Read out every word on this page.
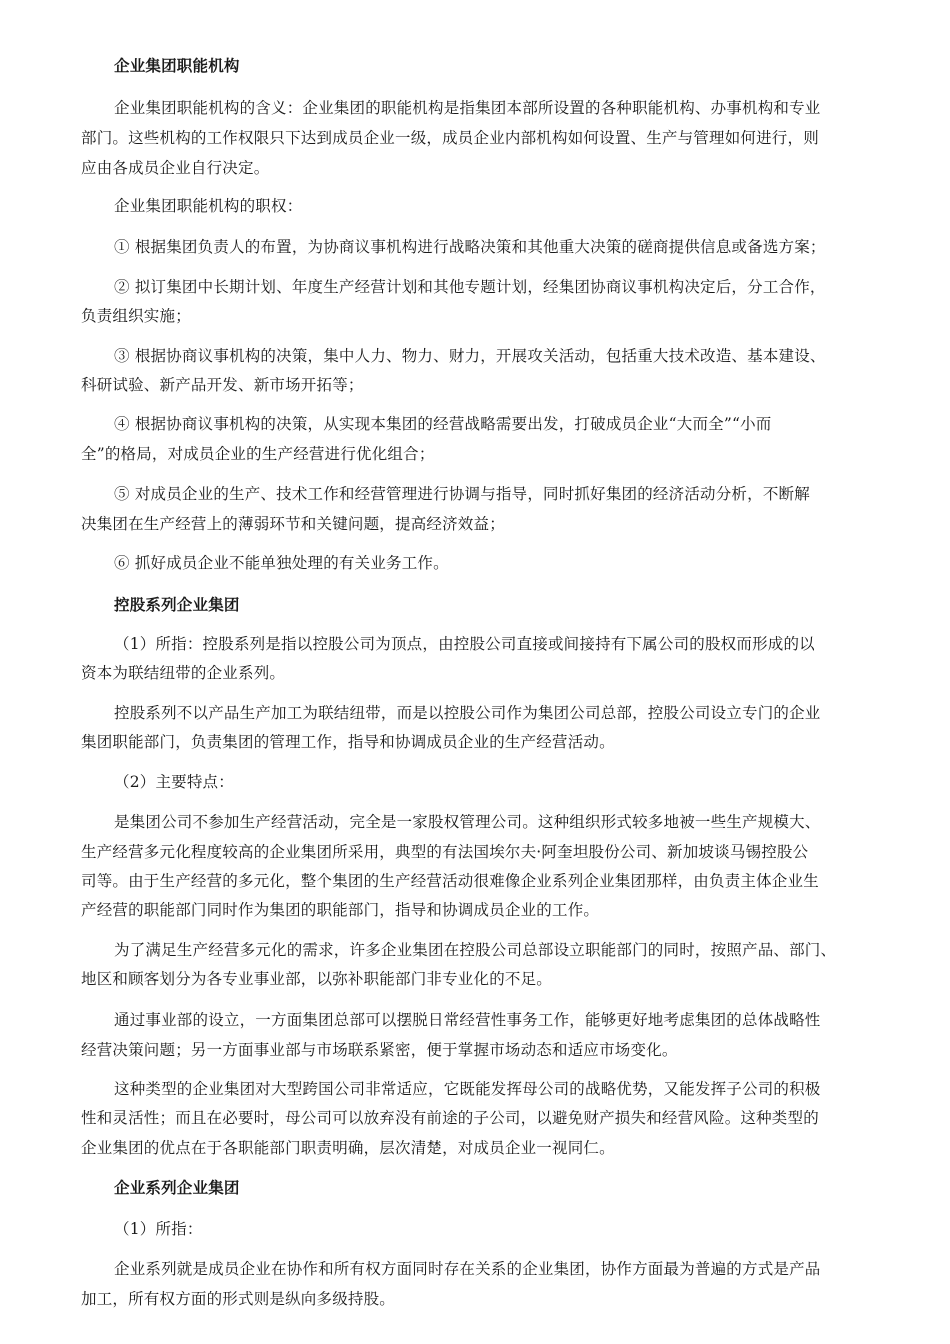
企业集团职能机构
企业集团职能机构的含义：企业集团的职能机构是指集团本部所设置的各种职能机构、办事机构和专业
部门。这些机构的工作权限只下达到成员企业一级，成员企业内部机构如何设置、生产与管理如何进行，则
应由各成员企业自行决定。
企业集团职能机构的职权：
① 根据集团负责人的布置，为协商议事机构进行战略决策和其他重大决策的磋商提供信息或备选方案；
② 拟订集团中长期计划、年度生产经营计划和其他专题计划，经集团协商议事机构决定后，分工合作，
负责组织实施；
③ 根据协商议事机构的决策，集中人力、物力、财力，开展攻关活动，包括重大技术改造、基本建设、
科研试验、新产品开发、新市场开拓等；
④ 根据协商议事机构的决策，从实现本集团的经营战略需要出发，打破成员企业“大而全”“小而
全”的格局，对成员企业的生产经营进行优化组合；
⑤ 对成员企业的生产、技术工作和经营管理进行协调与指导，同时抓好集团的经济活动分析，不断解
决集团在生产经营上的薄弱环节和关键问题，提高经济效益；
⑥ 抓好成员企业不能单独处理的有关业务工作。
控股系列企业集团
（1）所指：控股系列是指以控股公司为顶点，由控股公司直接或间接持有下属公司的股权而形成的以
资本为联结纽带的企业系列。
控股系列不以产品生产加工为联结纽带，而是以控股公司作为集团公司总部，控股公司设立专门的企业
集团职能部门，负责集团的管理工作，指导和协调成员企业的生产经营活动。
（2）主要特点：
是集团公司不参加生产经营活动，完全是一家股权管理公司。这种组织形式较多地被一些生产规模大、
生产经营多元化程度较高的企业集团所采用，典型的有法国埃尔夫·阿奎坦股份公司、新加坡谈马锡控股公
司等。由于生产经营的多元化，整个集团的生产经营活动很难像企业系列企业集团那样，由负责主体企业生
产经营的职能部门同时作为集团的职能部门，指导和协调成员企业的工作。
为了满足生产经营多元化的需求，许多企业集团在控股公司总部设立职能部门的同时，按照产品、部门、
地区和顾客划分为各专业事业部，以弥补职能部门非专业化的不足。
通过事业部的设立，一方面集团总部可以摆脱日常经营性事务工作，能够更好地考虑集团的总体战略性
经营决策问题；另一方面事业部与市场联系紧密，便于掌握市场动态和适应市场变化。
这种类型的企业集团对大型跨国公司非常适应，它既能发挥母公司的战略优势，又能发挥子公司的积极
性和灵活性；而且在必要时，母公司可以放弃没有前途的子公司，以避免财产损失和经营风险。这种类型的
企业集团的优点在于各职能部门职责明确，层次清楚，对成员企业一视同仁。
企业系列企业集团
（1）所指：
企业系列就是成员企业在协作和所有权方面同时存在关系的企业集团，协作方面最为普遍的方式是产品
加工，所有权方面的形式则是纵向多级持股。
